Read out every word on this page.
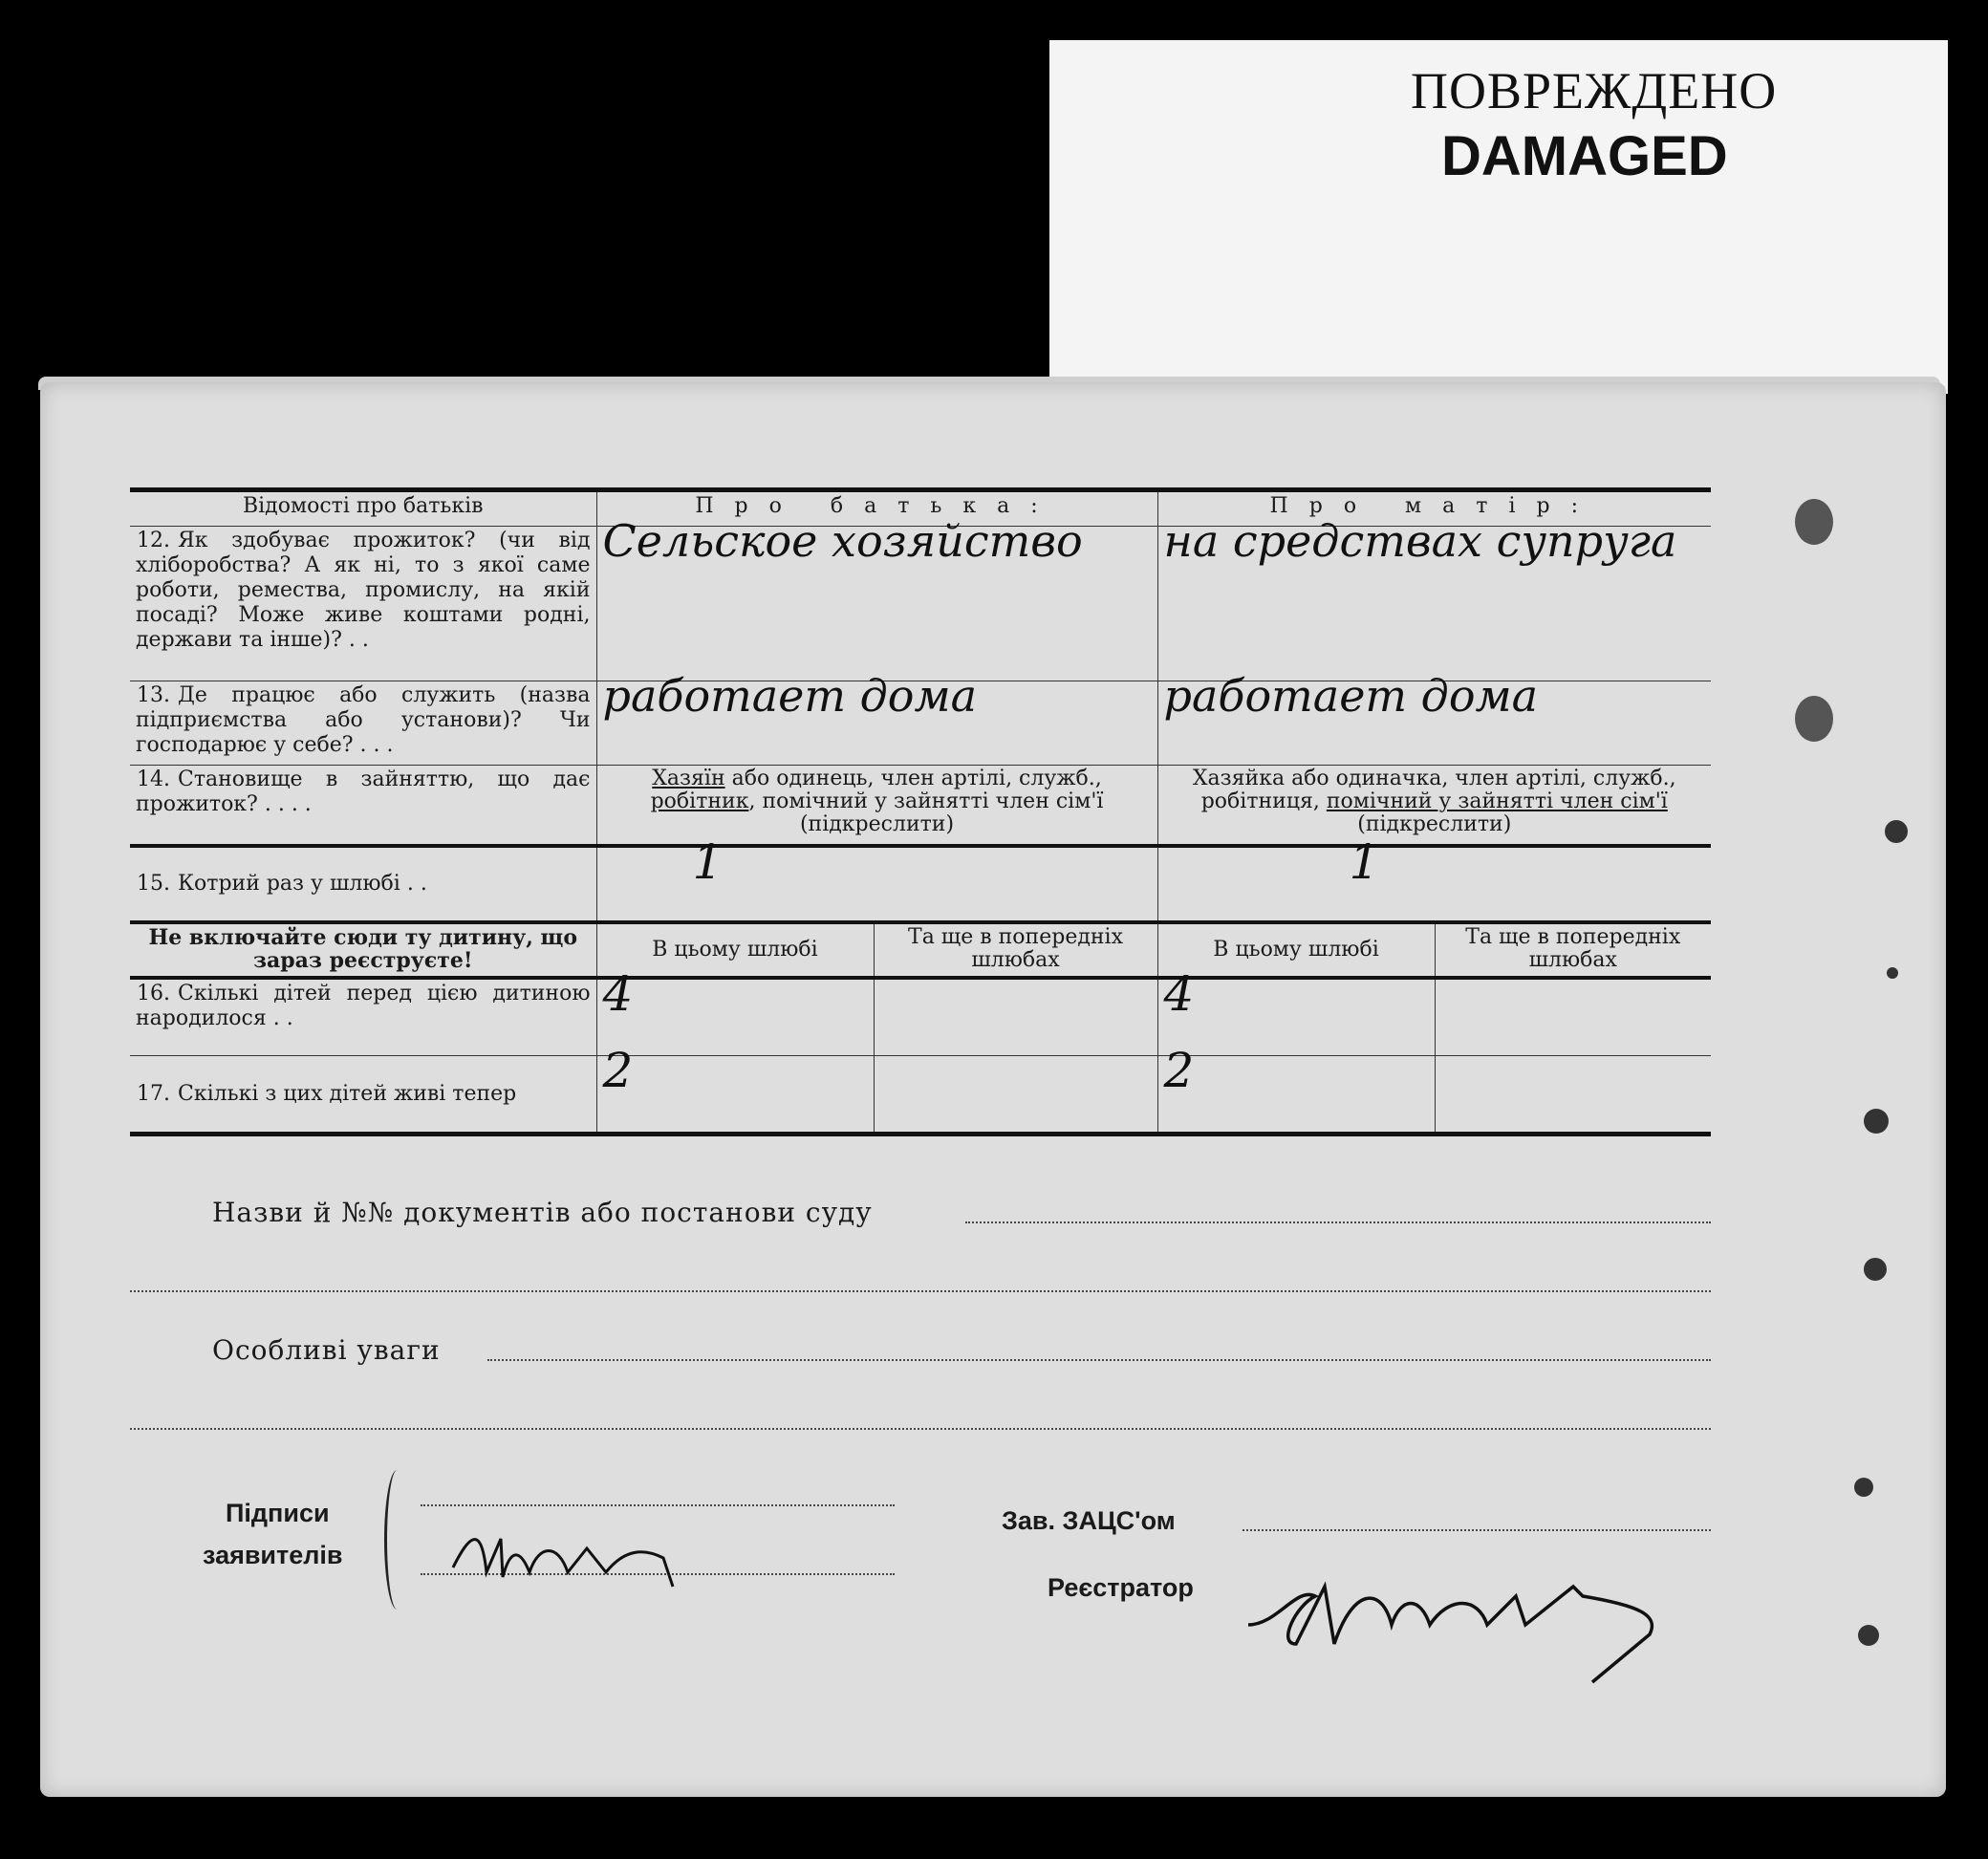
ПОВРЕЖДЕНО
DAMAGED
Відомості про батьків	Про батька:		Про матір:	
12. Як здобуває прожиток? (чи від хліборобства? А як ні, то з якої саме роботи, ремества, промислу, на якій посаді? Може живе коштами родні, держави та інше)? . .	Сельское хозяйство		на средствах супруга	
13. Де працює або служить (назва підприємства або установи)? Чи господарює у себе? . . .	работает дома		работает дома	
14. Становище в зайняттю, що дає прожиток? . . . .	Хазяїн або одинець, член артілі, служб.,
робітник, помічний у зайнятті член сім'ї
(підкреслити)		Хазяйка або одиначка, член артілі, служб.,
робітниця, помічний у зайнятті член сім'ї
(підкреслити)	
15. Котрий раз у шлюбі . .	1		1	
Не включайте сюди ту дитину, що зараз реєструєте!	В цьому шлюбі	Та ще в попередніх шлюбах	В цьому шлюбі	Та ще в попередніх шлюбах
16. Скількі дітей перед цією дитиною народилося . .	4		4	
17. Скількі з цих дітей живі тепер	2		2	
Назви й №№ документів або постанови суду
Особливі уваги
Підписи
заявителів
Зав. ЗАЦС'ом
Реєстратор
